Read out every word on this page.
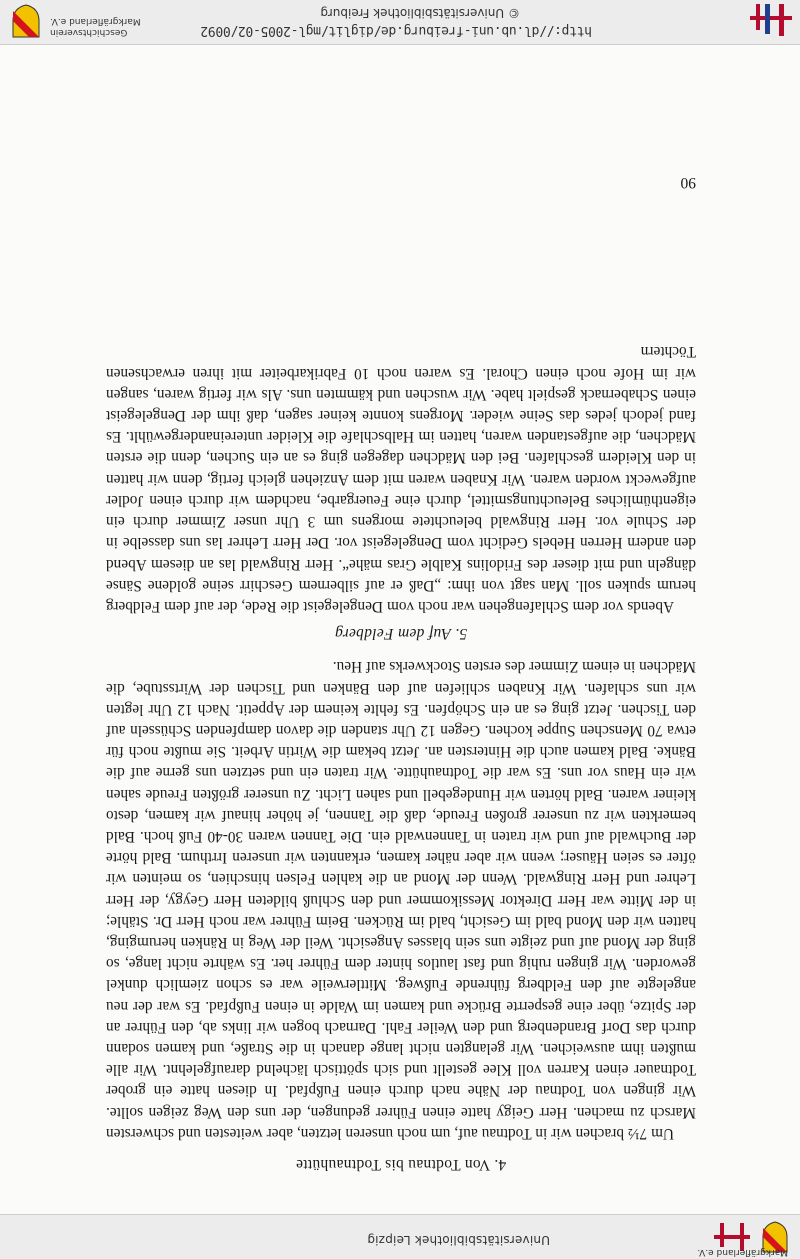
Universitätsbibliothek Leipzig
Markgräflerland e.V.
4. Von Todtnau bis Todtnauhütte

Um 7½ brachen wir in Todtnau auf, um noch unseren letzten, aber weitesten und schwersten Marsch zu machen. Herr Geigy hatte einen Führer gedungen, der uns den Weg zeigen sollte. Wir gingen von Todtnau der Nähe nach durch einen Fußpfad. In diesen hatte ein grober Todtnauer einen Karren voll Klee gestellt und sich spöttisch lächelnd daraufgelehnt. Wir alle mußten ihm ausweichen. Wir gelangten nicht lange danach in die Straße, und kamen sodann durch das Dorf Brandenberg und den Weiler Fahl. Darnach bogen wir links ab, den Führer an der Spitze, über eine gesperrte Brücke und kamen im Walde in einen Fußpfad. Es war der neu angelegte auf den Feldberg führende Fußweg. Mittlerweile war es schon ziemlich dunkel geworden. Wir gingen ruhig und fast lautlos hinter dem Führer her. Es währte nicht lange, so ging der Mond auf und zeigte uns sein blasses Angesicht. Weil der Weg in Ränken herumging, hatten wir den Mond bald im Gesicht, bald im Rücken. Beim Führer war noch Herr Dr. Stähle; in der Mitte war Herr Direktor Messikommer und den Schluß bildeten Herr Geygy, der Herr Lehrer und Herr Ringwald. Wenn der Mond an die kahlen Felsen hinschien, so meinten wir öfter es seien Häuser; wenn wir aber näher kamen, erkannten wir unseren Irrthum. Bald hörte der Buchwald auf und wir traten in Tannenwald ein. Die Tannen waren 30-40 Fuß hoch. Bald bemerkten wir zu unserer großen Freude, daß die Tannen, je höher hinauf wir kamen, desto kleiner waren. Bald hörten wir Hundegebell und sahen Licht. Zu unserer größten Freude sahen wir ein Haus vor uns. Es war die Todtnauhütte. Wir traten ein und setzten uns gerne auf die Bänke. Bald kamen auch die Hintersten an. Jetzt bekam die Wirtin Arbeit. Sie mußte noch für etwa 70 Menschen Suppe kochen. Gegen 12 Uhr standen die davon dampfenden Schüsseln auf den Tischen. Jetzt ging es an ein Schöpfen. Es fehlte keinem der Appetit. Nach 12 Uhr legten wir uns schlafen. Wir Knaben schliefen auf den Bänken und Tischen der Wirtsstube, die Mädchen in einem Zimmer des ersten Stockwerks auf Heu.

5. Auf dem Feldberg

Abends vor dem Schlafengehen war noch vom Dengelegeist die Rede, der auf dem Feldberg herum spuken soll. Man sagt von ihm: „Daß er auf silbernem Geschirr seine goldene Sänse dängeln und mit dieser des Fridolins Kalble Gras mähe“. Herr Ringwald las an diesem Abend den andern Herren Hebels Gedicht vom Dengelegeist vor. Der Herr Lehrer las uns dasselbe in der Schule vor. Herr Ringwald beleuchtete morgens um 3 Uhr unser Zimmer durch ein eigenthümliches Beleuchtungsmittel, durch eine Feuergarbe, nachdem wir durch einen Jodler aufgeweckt worden waren. Wir Knaben waren mit dem Anziehen gleich fertig, denn wir hatten in den Kleidern geschlafen. Bei den Mädchen dagegen ging es an ein Suchen, denn die ersten Mädchen, die aufgestanden waren, hatten im Halbschlafe die Kleider untereinandergewühlt. Es fand jedoch jedes das Seine wieder. Morgens konnte keiner sagen, daß ihm der Dengelegeist einen Schabernack gespielt habe. Wir wuschen und kämmten uns. Als wir fertig waren, sangen wir im Hofe noch einen Choral. Es waren noch 10 Fabrikarbeiter mit ihren erwachsenen Töchtern

90
http://dl.ub.uni-freiburg.de/diglit/mgl-2005-02/0092
© Universitätsbibliothek Freiburg
Geschichtsverein
Markgräflerland e.V.
